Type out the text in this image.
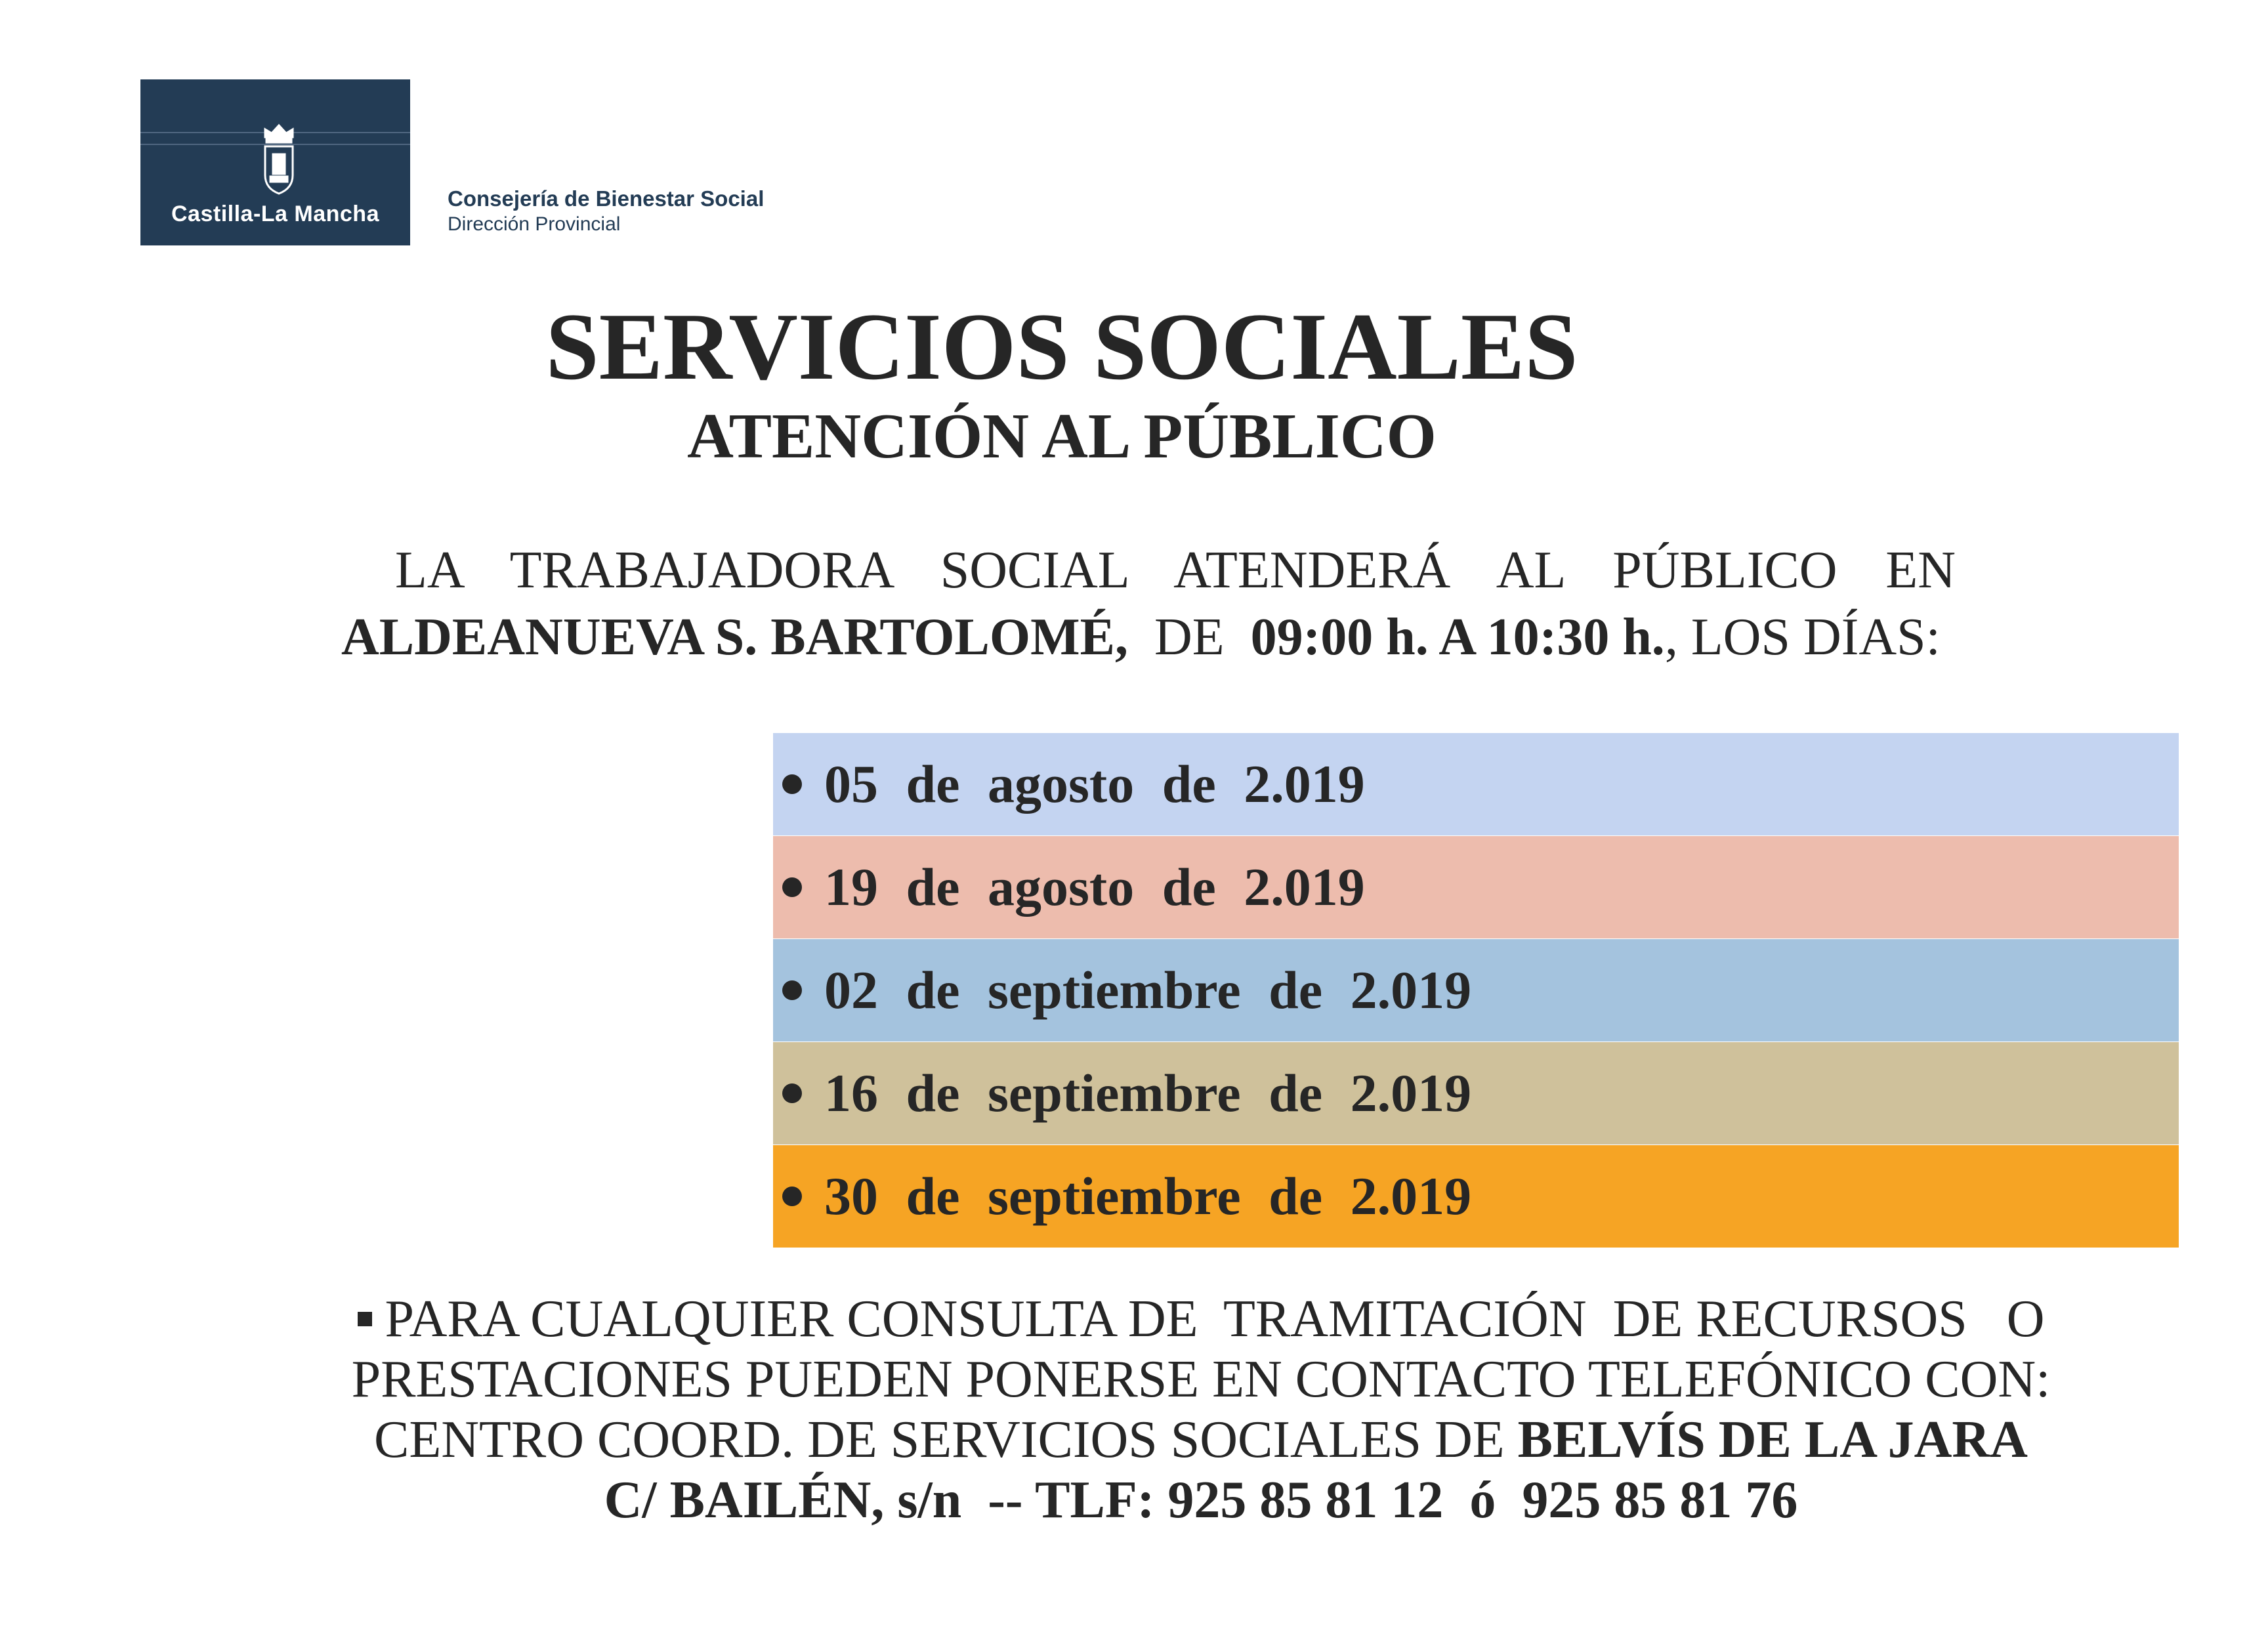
Castilla-La Mancha
Consejería de Bienestar Social
Dirección Provincial
SERVICIOS SOCIALES
ATENCIÓN AL PÚBLICO
LA TRABAJADORA SOCIAL ATENDERÁ AL PÚBLICO EN
ALDEANUEVA S. BARTOLOMÉ, DE 09:00 h. A 10:30 h., LOS DÍAS:
05 de agosto de 2.019
19 de agosto de 2.019
02 de septiembre de 2.019
16 de septiembre de 2.019
30 de septiembre de 2.019
PARA CUALQUIER CONSULTA DE  TRAMITACIÓN  DE RECURSOS   O
PRESTACIONES PUEDEN PONERSE EN CONTACTO TELEFÓNICO CON:
CENTRO COORD. DE SERVICIOS SOCIALES DE BELVÍS DE LA JARA
C/ BAILÉN, s/n  -- TLF: 925 85 81 12  ó  925 85 81 76
